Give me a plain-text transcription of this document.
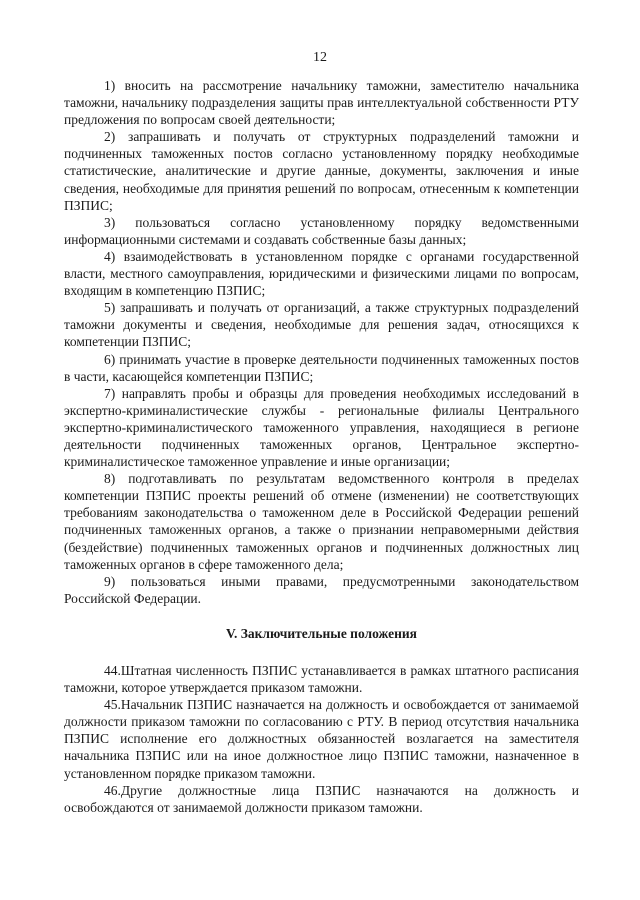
12

1) вносить на рассмотрение начальнику таможни, заместителю начальника таможни, начальнику подразделения защиты прав интеллектуальной собственности РТУ предложения по вопросам своей деятельности;

2) запрашивать и получать от структурных подразделений таможни и подчиненных таможенных постов согласно установленному порядку необходимые статистические, аналитические и другие данные, документы, заключения и иные сведения, необходимые для принятия решений по вопросам, отнесенным к компетенции ПЗПИС;

3) пользоваться согласно установленному порядку ведомственными информационными системами и создавать собственные базы данных;

4) взаимодействовать в установленном порядке с органами государственной власти, местного самоуправления, юридическими и физическими лицами по вопросам, входящим в компетенцию ПЗПИС;

5) запрашивать и получать от организаций, а также структурных подразделений таможни документы и сведения, необходимые для решения задач, относящихся к компетенции ПЗПИС;

6) принимать участие в проверке деятельности подчиненных таможенных постов в части, касающейся компетенции ПЗПИС;

7) направлять пробы и образцы для проведения необходимых исследований в экспертно-криминалистические службы - региональные филиалы Центрального экспертно-криминалистического таможенного управления, находящиеся в регионе деятельности подчиненных таможенных органов, Центральное экспертно-криминалистическое таможенное управление и иные организации;

8) подготавливать по результатам ведомственного контроля в пределах компетенции ПЗПИС проекты решений об отмене (изменении) не соответствующих требованиям законодательства о таможенном деле в Российской Федерации решений подчиненных таможенных органов, а также о признании неправомерными действия (бездействие) подчиненных таможенных органов и подчиненных должностных лиц таможенных органов в сфере таможенного дела;

9) пользоваться иными правами, предусмотренными законодательством Российской Федерации.

V. Заключительные положения

44.Штатная численность ПЗПИС устанавливается в рамках штатного расписания таможни, которое утверждается приказом таможни.

45.Начальник ПЗПИС назначается на должность и освобождается от занимаемой должности приказом таможни по согласованию с РТУ. В период отсутствия начальника ПЗПИС исполнение его должностных обязанностей возлагается на заместителя начальника ПЗПИС или на иное должностное лицо ПЗПИС таможни, назначенное в установленном порядке приказом таможни.

46.Другие должностные лица ПЗПИС назначаются на должность и освобождаются от занимаемой должности приказом таможни.
